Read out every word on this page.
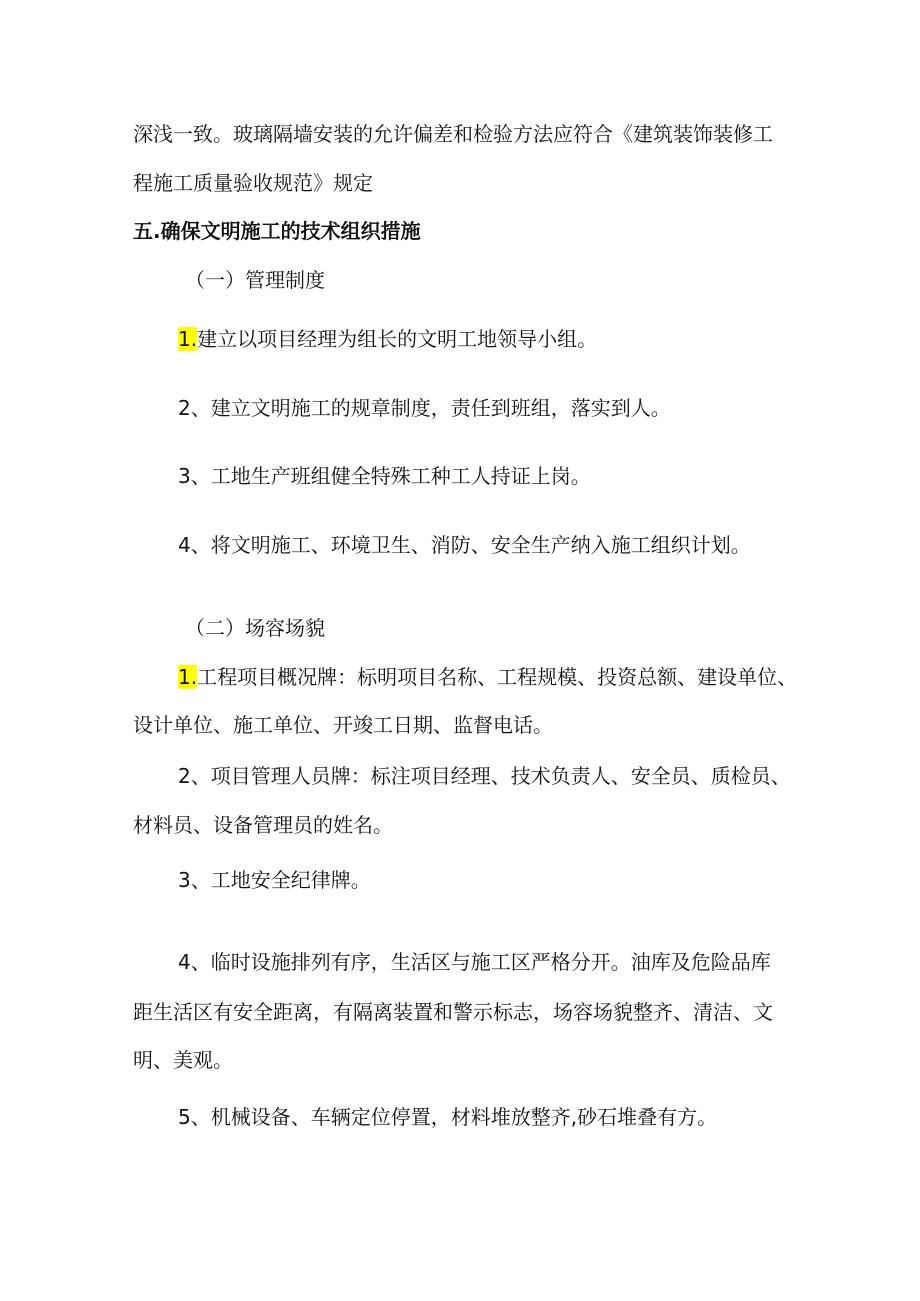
深浅一致。玻璃隔墙安装的允许偏差和检验方法应符合《建筑装饰装修工

程施工质量验收规范》规定

五.确保文明施工的技术组织措施

（一）管理制度

1.建立以项目经理为组长的文明工地领导小组。

2、建立文明施工的规章制度，责任到班组，落实到人。

3、工地生产班组健全特殊工种工人持证上岗。

4、将文明施工、环境卫生、消防、安全生产纳入施工组织计划。

（二）场容场貌

1.工程项目概况牌：标明项目名称、工程规模、投资总额、建设单位、

设计单位、施工单位、开竣工日期、监督电话。

2、项目管理人员牌：标注项目经理、技术负责人、安全员、质检员、

材料员、设备管理员的姓名。

3、工地安全纪律牌。

4、临时设施排列有序，生活区与施工区严格分开。油库及危险品库

距生活区有安全距离，有隔离装置和警示标志，场容场貌整齐、清洁、文

明、美观。

5、机械设备、车辆定位停置，材料堆放整齐,砂石堆叠有方。
